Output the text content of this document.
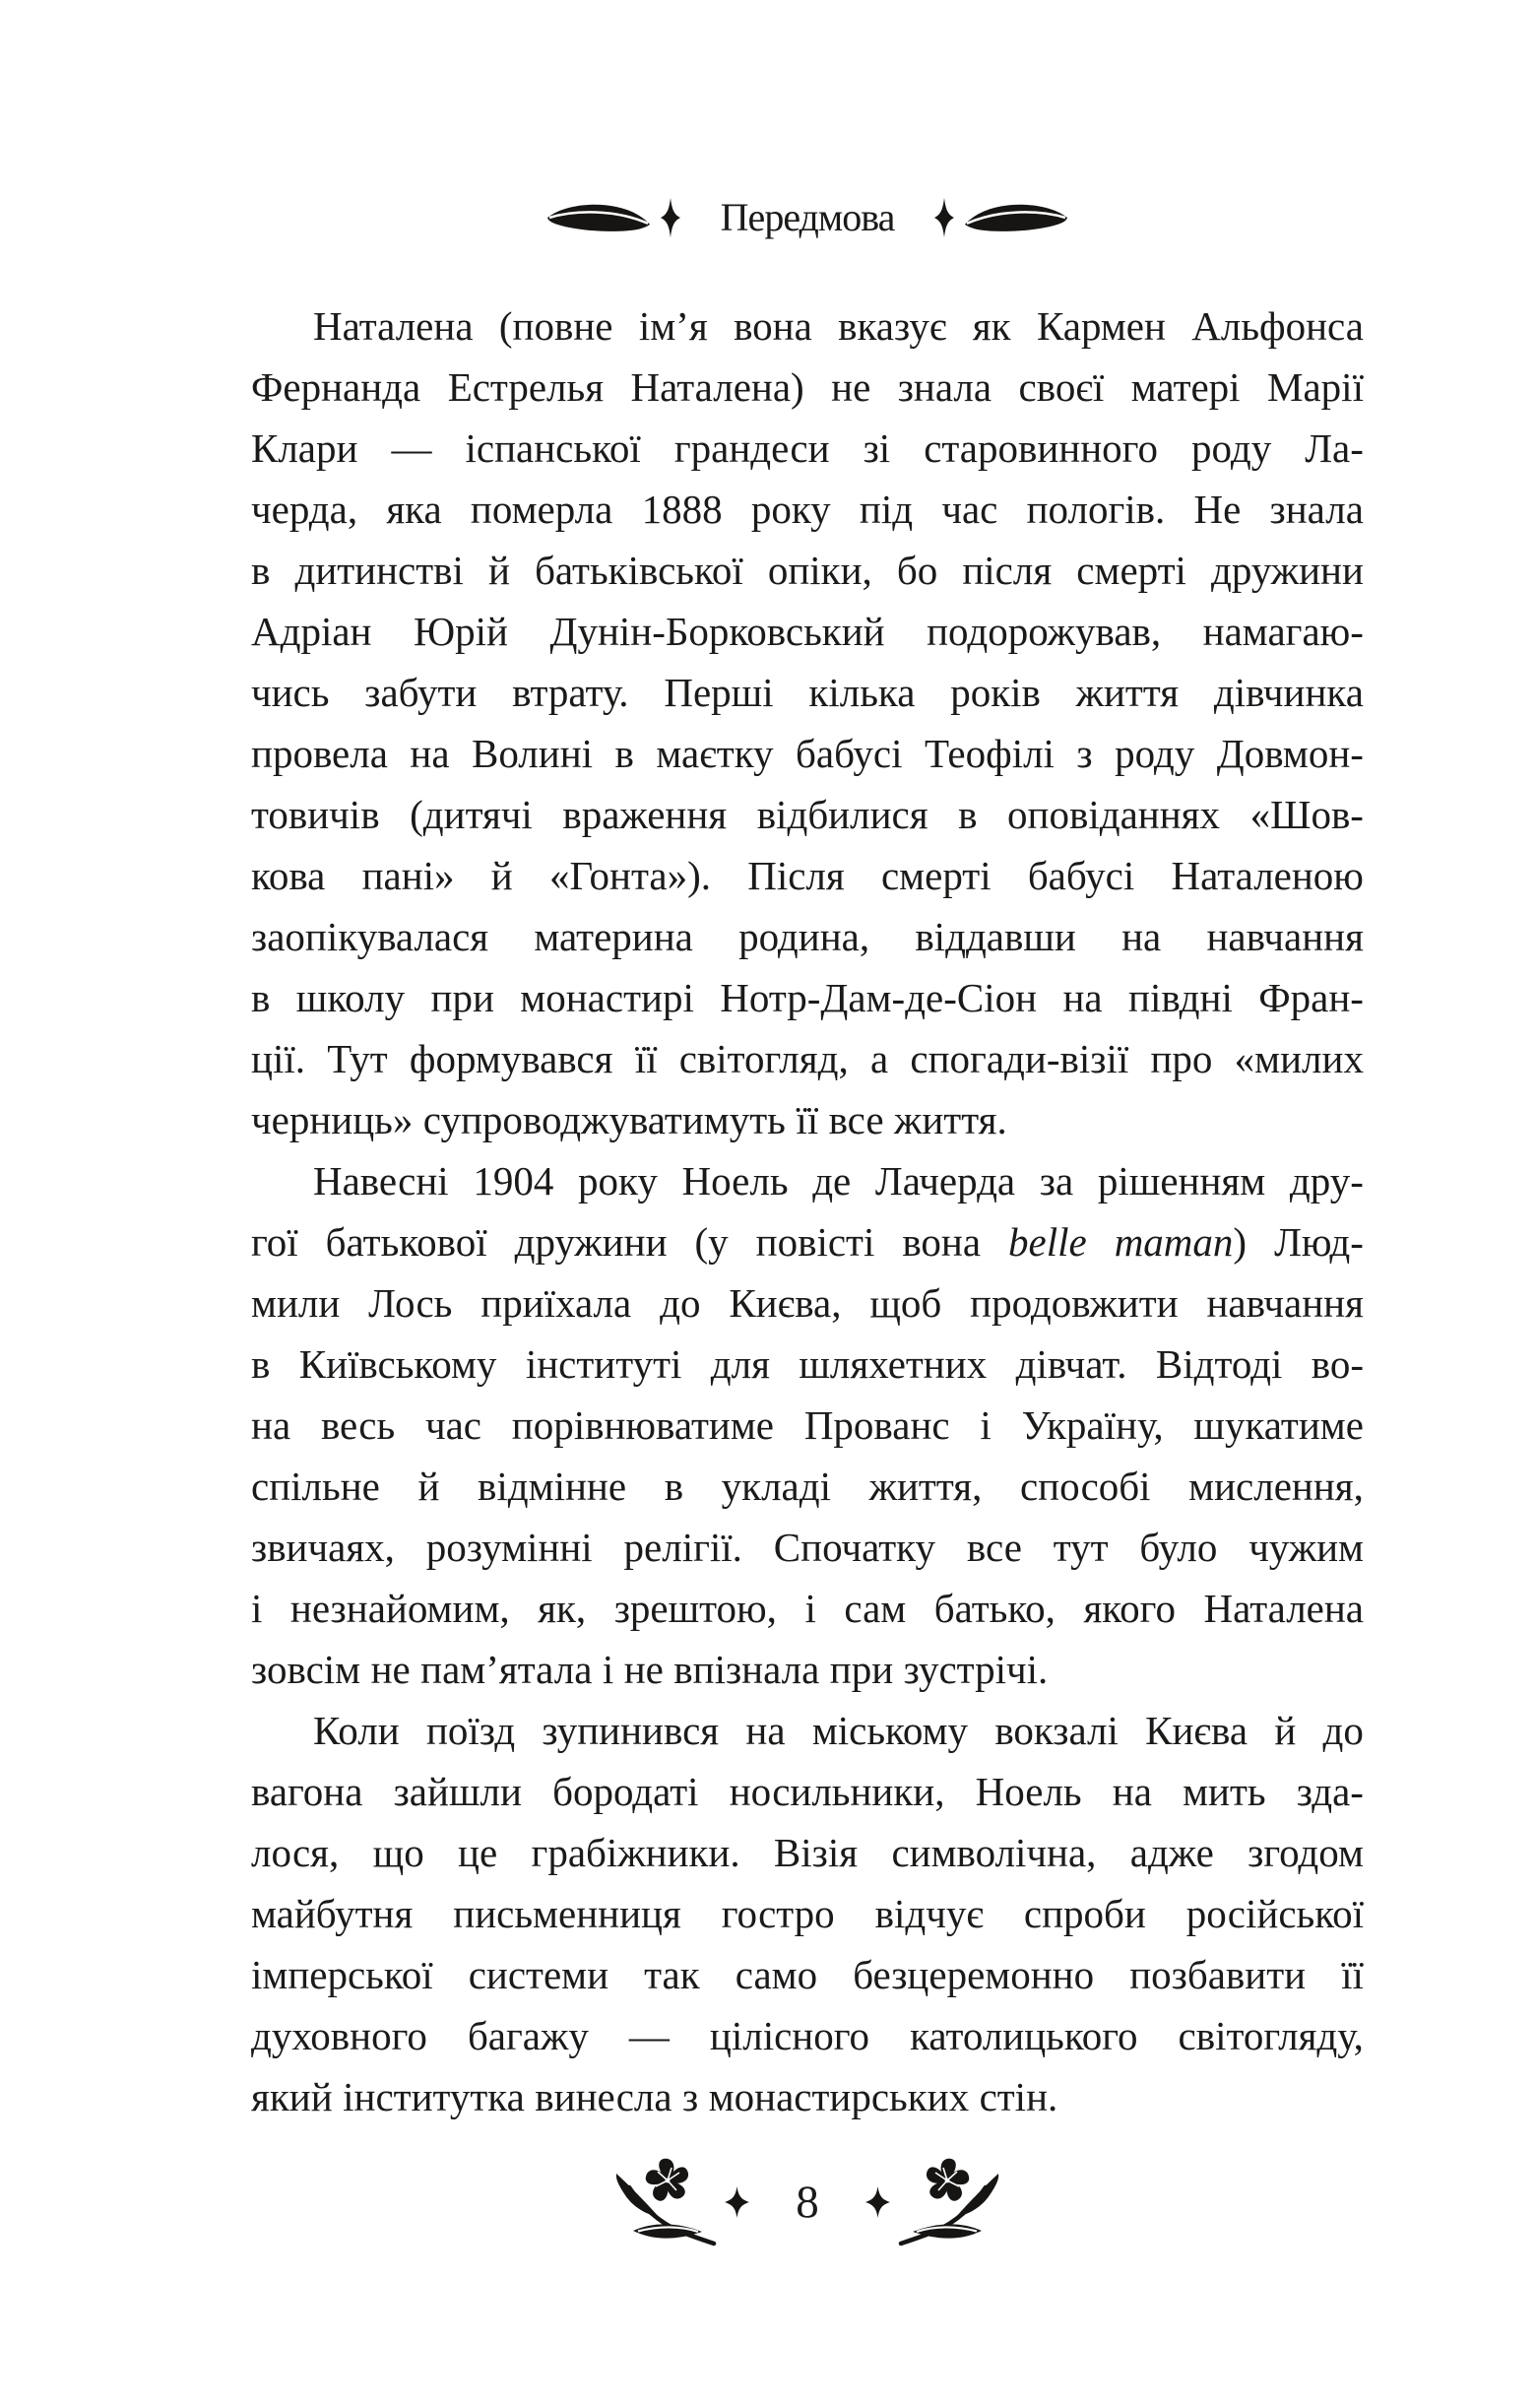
Передмова
Наталена (повне ім’я вона вказує як Кармен Альфонса
Фернанда Естрелья Наталена) не знала своєї матері Марії
Клари — іспанської грандеси зі старовинного роду Ла-
черда, яка померла 1888 року під час пологів. Не знала
в дитинстві й батьківської опіки, бо після смерті дружини
Адріан Юрій Дунін-Борковський подорожував, намагаю-
чись забути втрату. Перші кілька років життя дівчинка
провела на Волині в маєтку бабусі Теофілі з роду Довмон-
товичів (дитячі враження відбилися в оповіданнях «Шов-
кова пані» й «Гонта»). Після смерті бабусі Наталеною
заопікувалася материна родина, віддавши на навчання
в школу при монастирі Нотр-Дам-де-Сіон на півдні Фран-
ції. Тут формувався її світогляд, а спогади-візії про «милих
черниць» супроводжуватимуть її все життя.
Навесні 1904 року Ноель де Лачерда за рішенням дру-
гої батькової дружини (у повісті вона belle maman) Люд-
мили Лось приїхала до Києва, щоб продовжити навчання
в Київському інституті для шляхетних дівчат. Відтоді во-
на весь час порівнюватиме Прованс і Україну, шукатиме
спільне й відмінне в укладі життя, способі мислення,
звичаях, розумінні релігії. Спочатку все тут було чужим
і незнайомим, як, зрештою, і сам батько, якого Наталена
зовсім не пам’ятала і не впізнала при зустрічі.
Коли поїзд зупинився на міському вокзалі Києва й до
вагона зайшли бородаті носильники, Ноель на мить зда-
лося, що це грабіжники. Візія символічна, адже згодом
майбутня письменниця гостро відчує спроби російської
імперської системи так само безцеремонно позбавити її
духовного багажу — цілісного католицького світогляду,
який інститутка винесла з монастирських стін.
8
